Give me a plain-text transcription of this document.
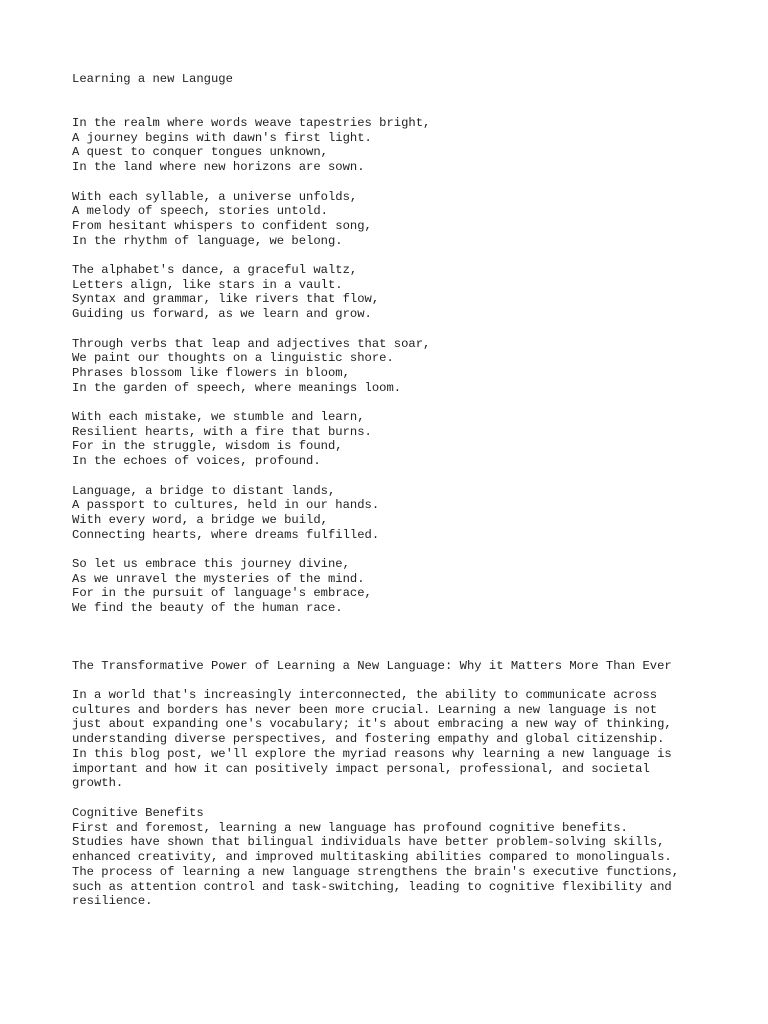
Learning a new Languge
In the realm where words weave tapestries bright,
A journey begins with dawn's first light.
A quest to conquer tongues unknown,
In the land where new horizons are sown.
With each syllable, a universe unfolds,
A melody of speech, stories untold.
From hesitant whispers to confident song,
In the rhythm of language, we belong.
The alphabet's dance, a graceful waltz,
Letters align, like stars in a vault.
Syntax and grammar, like rivers that flow,
Guiding us forward, as we learn and grow.
Through verbs that leap and adjectives that soar,
We paint our thoughts on a linguistic shore.
Phrases blossom like flowers in bloom,
In the garden of speech, where meanings loom.
With each mistake, we stumble and learn,
Resilient hearts, with a fire that burns.
For in the struggle, wisdom is found,
In the echoes of voices, profound.
Language, a bridge to distant lands,
A passport to cultures, held in our hands.
With every word, a bridge we build,
Connecting hearts, where dreams fulfilled.
So let us embrace this journey divine,
As we unravel the mysteries of the mind.
For in the pursuit of language's embrace,
We find the beauty of the human race.
The Transformative Power of Learning a New Language: Why it Matters More Than Ever
In a world that's increasingly interconnected, the ability to communicate across
cultures and borders has never been more crucial. Learning a new language is not
just about expanding one's vocabulary; it's about embracing a new way of thinking,
understanding diverse perspectives, and fostering empathy and global citizenship.
In this blog post, we'll explore the myriad reasons why learning a new language is
important and how it can positively impact personal, professional, and societal
growth.
Cognitive Benefits
First and foremost, learning a new language has profound cognitive benefits.
Studies have shown that bilingual individuals have better problem-solving skills,
enhanced creativity, and improved multitasking abilities compared to monolinguals.
The process of learning a new language strengthens the brain's executive functions,
such as attention control and task-switching, leading to cognitive flexibility and
resilience.
